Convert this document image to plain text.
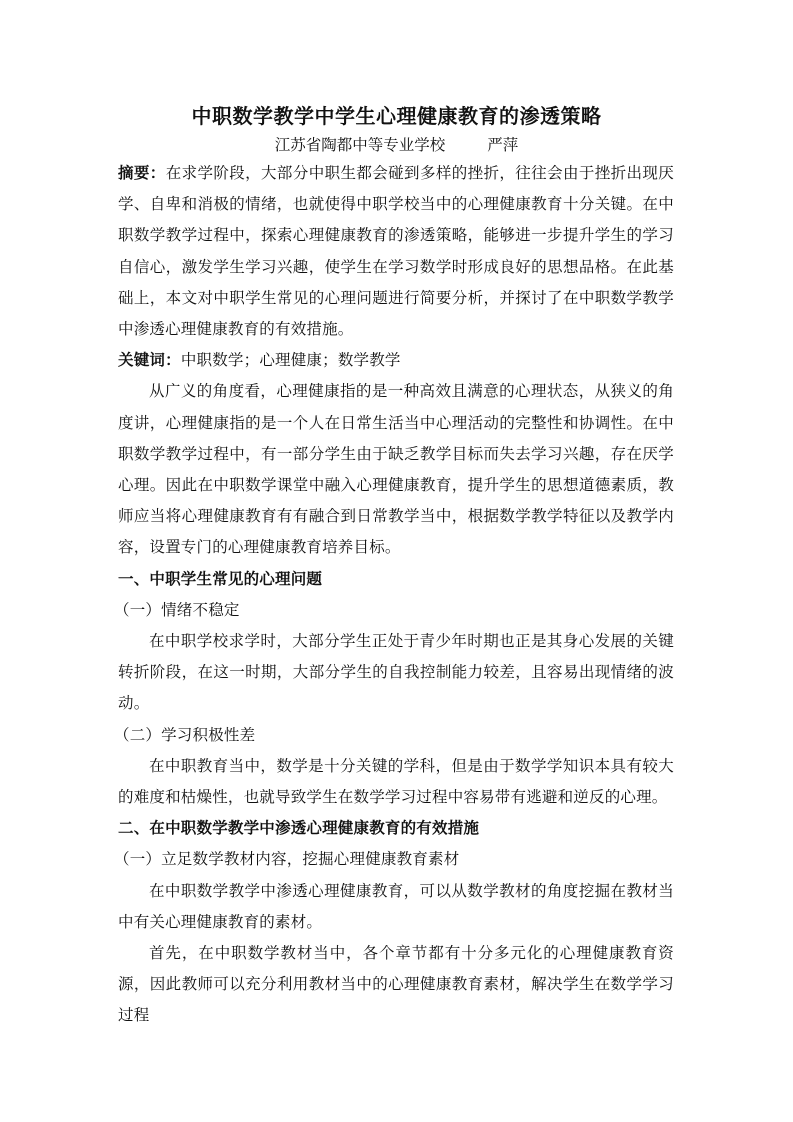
中职数学教学中学生心理健康教育的渗透策略
江苏省陶都中等专业学校	严萍

摘要：在求学阶段，大部分中职生都会碰到多样的挫折，往往会由于挫折出现厌学、自卑和消极的情绪，也就使得中职学校当中的心理健康教育十分关键。在中职数学教学过程中，探索心理健康教育的渗透策略，能够进一步提升学生的学习自信心，激发学生学习兴趣，使学生在学习数学时形成良好的思想品格。在此基础上，本文对中职学生常见的心理问题进行简要分析，并探讨了在中职数学教学中渗透心理健康教育的有效措施。

关键词：中职数学；心理健康；数学教学

从广义的角度看，心理健康指的是一种高效且满意的心理状态，从狭义的角度讲，心理健康指的是一个人在日常生活当中心理活动的完整性和协调性。在中职数学教学过程中，有一部分学生由于缺乏教学目标而失去学习兴趣，存在厌学心理。因此在中职数学课堂中融入心理健康教育，提升学生的思想道德素质，教师应当将心理健康教育有有融合到日常教学当中，根据数学教学特征以及教学内容，设置专门的心理健康教育培养目标。

一、中职学生常见的心理问题

（一）情绪不稳定

在中职学校求学时，大部分学生正处于青少年时期也正是其身心发展的关键转折阶段，在这一时期，大部分学生的自我控制能力较差，且容易出现情绪的波动。

（二）学习积极性差

在中职教育当中，数学是十分关键的学科，但是由于数学学知识本具有较大的难度和枯燥性，也就导致学生在数学学习过程中容易带有逃避和逆反的心理。

二、在中职数学教学中渗透心理健康教育的有效措施

（一）立足数学教材内容，挖掘心理健康教育素材

在中职数学教学中渗透心理健康教育，可以从数学教材的角度挖掘在教材当中有关心理健康教育的素材。

首先，在中职数学教材当中，各个章节都有十分多元化的心理健康教育资源，因此教师可以充分利用教材当中的心理健康教育素材，解决学生在数学学习过程
